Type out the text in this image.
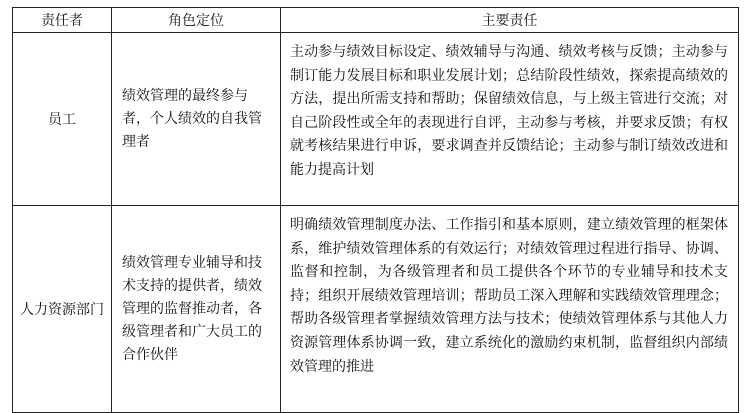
责任者	角色定位	主要责任
员工	绩效管理的最终参与者，个人绩效的自我管理者	主动参与绩效目标设定、绩效辅导与沟通、绩效考核与反馈；主动参与制订能力发展目标和职业发展计划；总结阶段性绩效，探索提高绩效的方法，提出所需支持和帮助；保留绩效信息，与上级主管进行交流；对自己阶段性或全年的表现进行自评，主动参与考核，并要求反馈；有权就考核结果进行申诉，要求调查并反馈结论；主动参与制订绩效改进和能力提高计划
人力资源部门	绩效管理专业辅导和技术支持的提供者，绩效管理的监督推动者，各级管理者和广大员工的合作伙伴	明确绩效管理制度办法、工作指引和基本原则，建立绩效管理的框架体系，维护绩效管理体系的有效运行；对绩效管理过程进行指导、协调、监督和控制，为各级管理者和员工提供各个环节的专业辅导和技术支持；组织开展绩效管理培训；帮助员工深入理解和实践绩效管理理念；帮助各级管理者掌握绩效管理方法与技术；使绩效管理体系与其他人力资源管理体系协调一致，建立系统化的激励约束机制，监督组织内部绩效管理的推进
